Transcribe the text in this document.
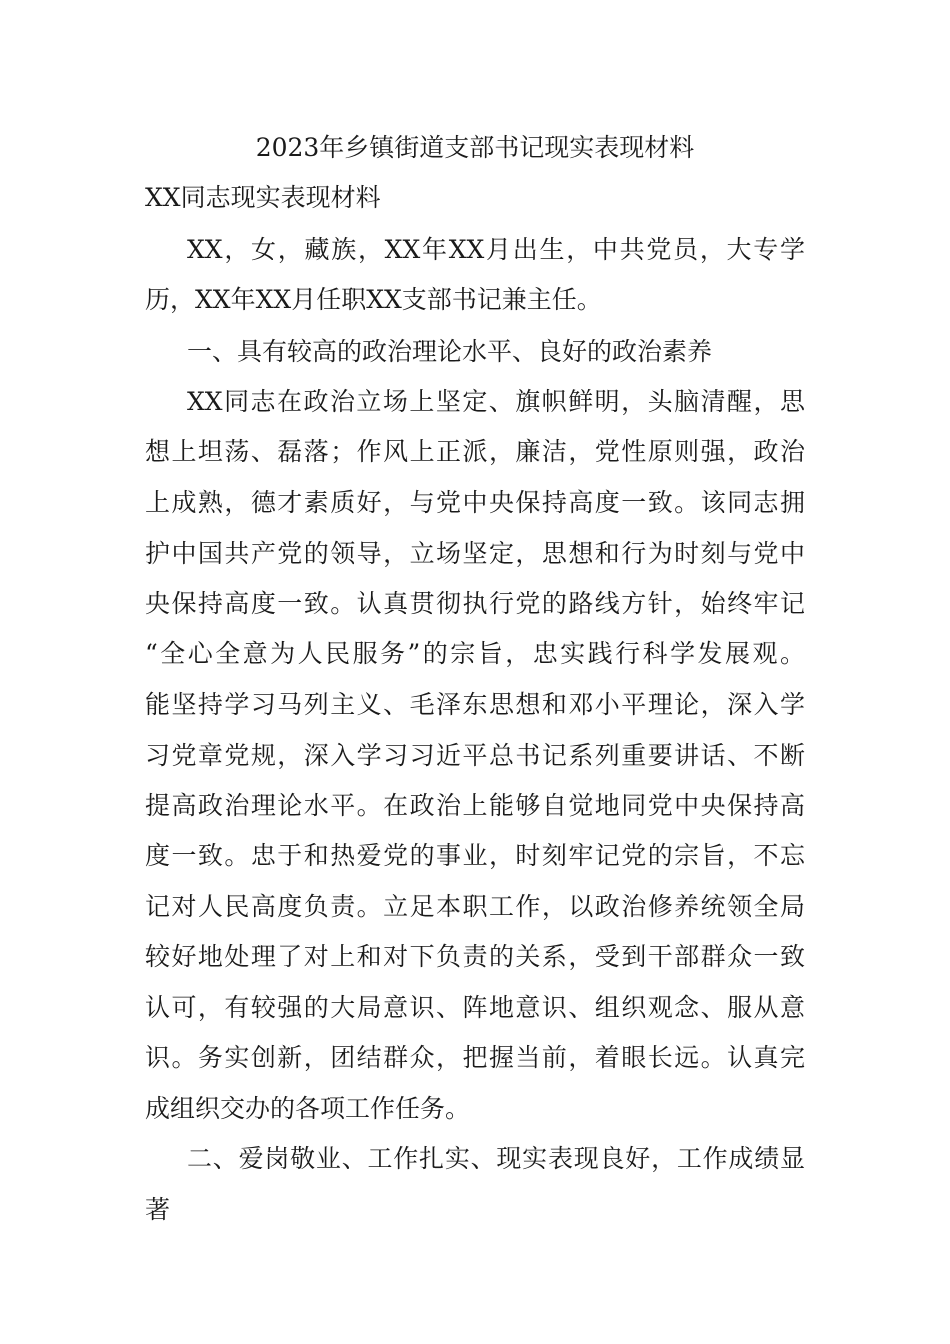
2023年乡镇街道支部书记现实表现材料
XX同志现实表现材料
XX，女，藏族，XX年XX月出生，中共党员，大专学
历，XX年XX月任职XX支部书记兼主任。
一、具有较高的政治理论水平、良好的政治素养
XX同志在政治立场上坚定、旗帜鲜明，头脑清醒，思
想上坦荡、磊落；作风上正派，廉洁，党性原则强，政治
上成熟，德才素质好，与党中央保持高度一致。该同志拥
护中国共产党的领导，立场坚定，思想和行为时刻与党中
央保持高度一致。认真贯彻执行党的路线方针，始终牢记
“全心全意为人民服务”的宗旨，忠实践行科学发展观。
能坚持学习马列主义、毛泽东思想和邓小平理论，深入学
习党章党规，深入学习习近平总书记系列重要讲话、不断
提高政治理论水平。在政治上能够自觉地同党中央保持高
度一致。忠于和热爱党的事业，时刻牢记党的宗旨，不忘
记对人民高度负责。立足本职工作，以政治修养统领全局
较好地处理了对上和对下负责的关系，受到干部群众一致
认可，有较强的大局意识、阵地意识、组织观念、服从意
识。务实创新，团结群众，把握当前，着眼长远。认真完
成组织交办的各项工作任务。
二、爱岗敬业、工作扎实、现实表现良好，工作成绩显
著
